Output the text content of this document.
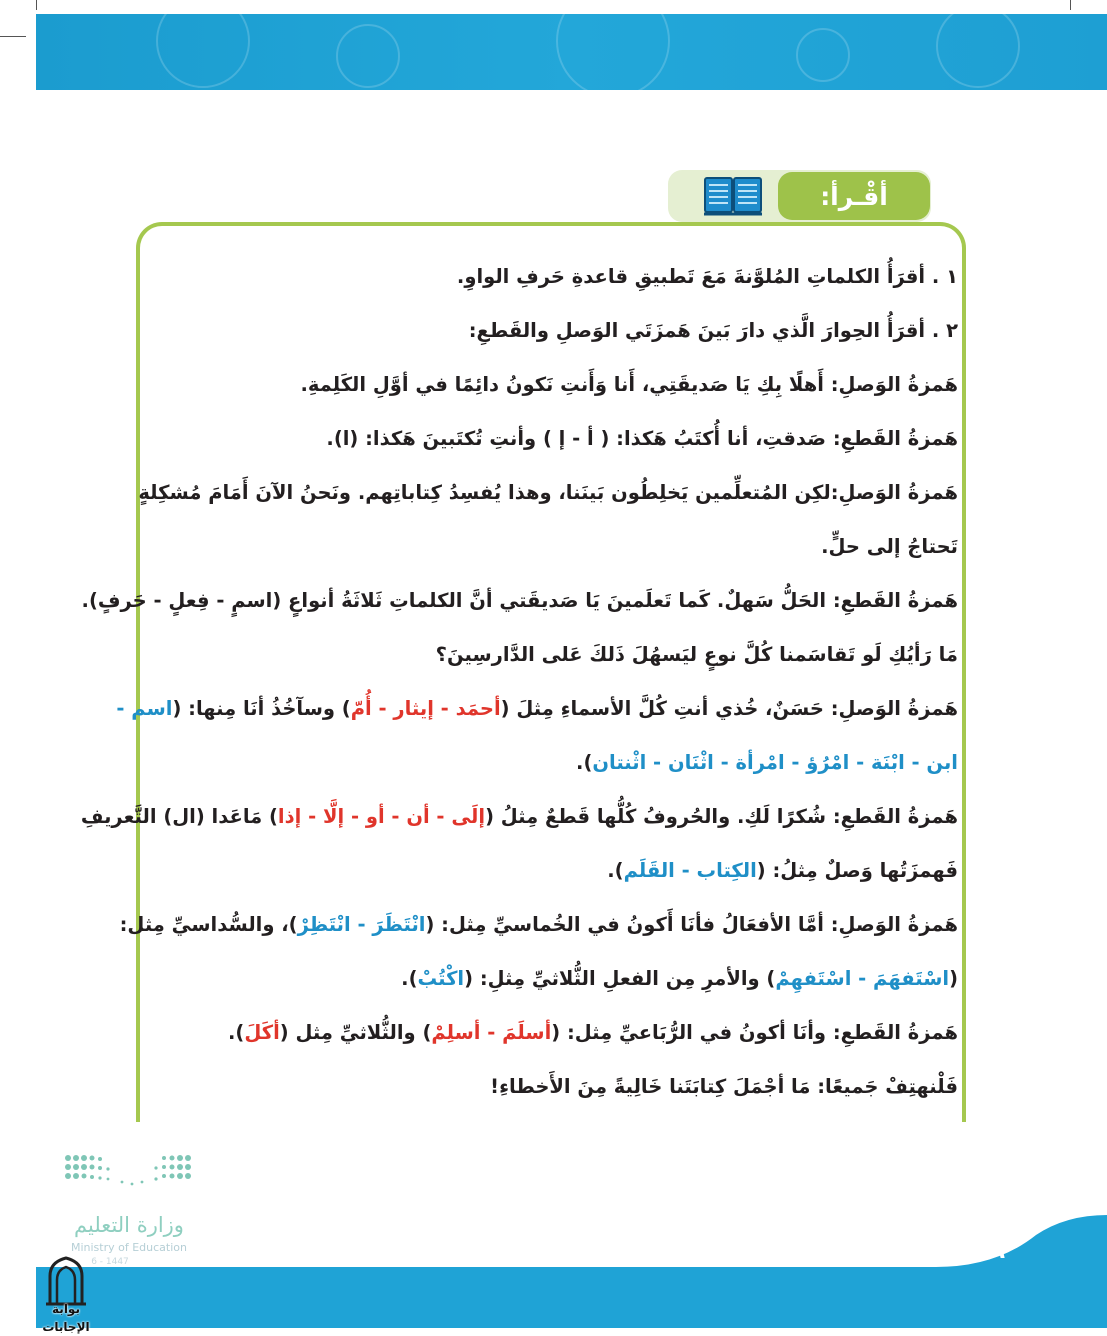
أقْـرأ:
١ . أقرَأُ الكلماتِ المُلوَّنةَ مَعَ تَطبيقِ قاعدةِ حَرفِ الواوِ.
٢ . أقرَأُ الحِوارَ الَّذي دارَ بَينَ هَمزَتَي الوَصلِ والقَطعِ:
هَمزةُ الوَصلِ: أَهلًا بِكِ يَا صَديقَتِي، أَنا وَأَنتِ نَكونُ دائِمًا في أوَّلِ الكَلِمةِ.
هَمزةُ القَطعِ: صَدقتِ، أنا أُكتَبُ هَكذا: ( أ - إ ) وأنتِ تُكتَبينَ هَكذا: (ا).
هَمزةُ الوَصلِ:لكِن المُتعلِّمين يَخلِطُون بَينَنا، وهذا يُفسِدُ كِتاباتِهم. ونَحنُ الآنَ أَمَامَ مُشكِلةٍ
تَحتاجُ إلى حلٍّ.
هَمزةُ القَطعِ: الحَلُّ سَهلٌ. كَما تَعلَمينَ يَا صَديقَتي أنَّ الكلماتِ ثَلاثَةُ أنواعٍ (اسمٍ - فِعلٍ - حَرفٍ).
مَا رَأيُكِ لَو تَقاسَمنا كُلَّ نوعٍ ليَسهُلَ ذَلكَ عَلى الدَّارسِينَ؟
هَمزةُ الوَصلِ: حَسَنٌ، خُذي أنتِ كُلَّ الأسماءِ مِثلَ (أحمَد - إيثار - أُمّ) وسآخُذُ أنَا مِنها: (اسم -
ابن - ابْنَة - امْرُؤ - امْرأة - اثْنَان - اثْنتان).
هَمزةُ القَطعِ: شُكرًا لَكِ. والحُروفُ كُلُّها قَطعٌ مِثلُ (إلَى - أن - أو - إلَّا - إذا) مَاعَدا (ال) التَّعريفِ
فَهمزَتُها وَصلٌ مِثلُ: (الكِتاب - القَلَم).
هَمزةُ الوَصلِ: أمَّا الأفعَالُ فأنَا أَكونُ في الخُماسيِّ مِثل: (انْتَظَرَ - انْتَظِرْ)، والسُّداسيِّ مِثل:
(اسْتَفهَمَ - اسْتَفهِمْ) والأمرِ مِن الفعلِ الثُّلاثيِّ مِثلِ: (اكْتُبْ).
هَمزةُ القَطعِ: وأنَا أكونُ في الرُّبَاعيِّ مِثل: (أسلَمَ - أسلِمْ) والثُّلاثيِّ مِثل (أكَلَ).
فَلْنهتِفْ جَميعًا: مَا أجْمَلَ كِتابَتَنا خَالِيةً مِنَ الأَخطاءِ!
٦٦
وزارة التعليم
Ministry of Education
6 - 1447
بوابة الإجابات
